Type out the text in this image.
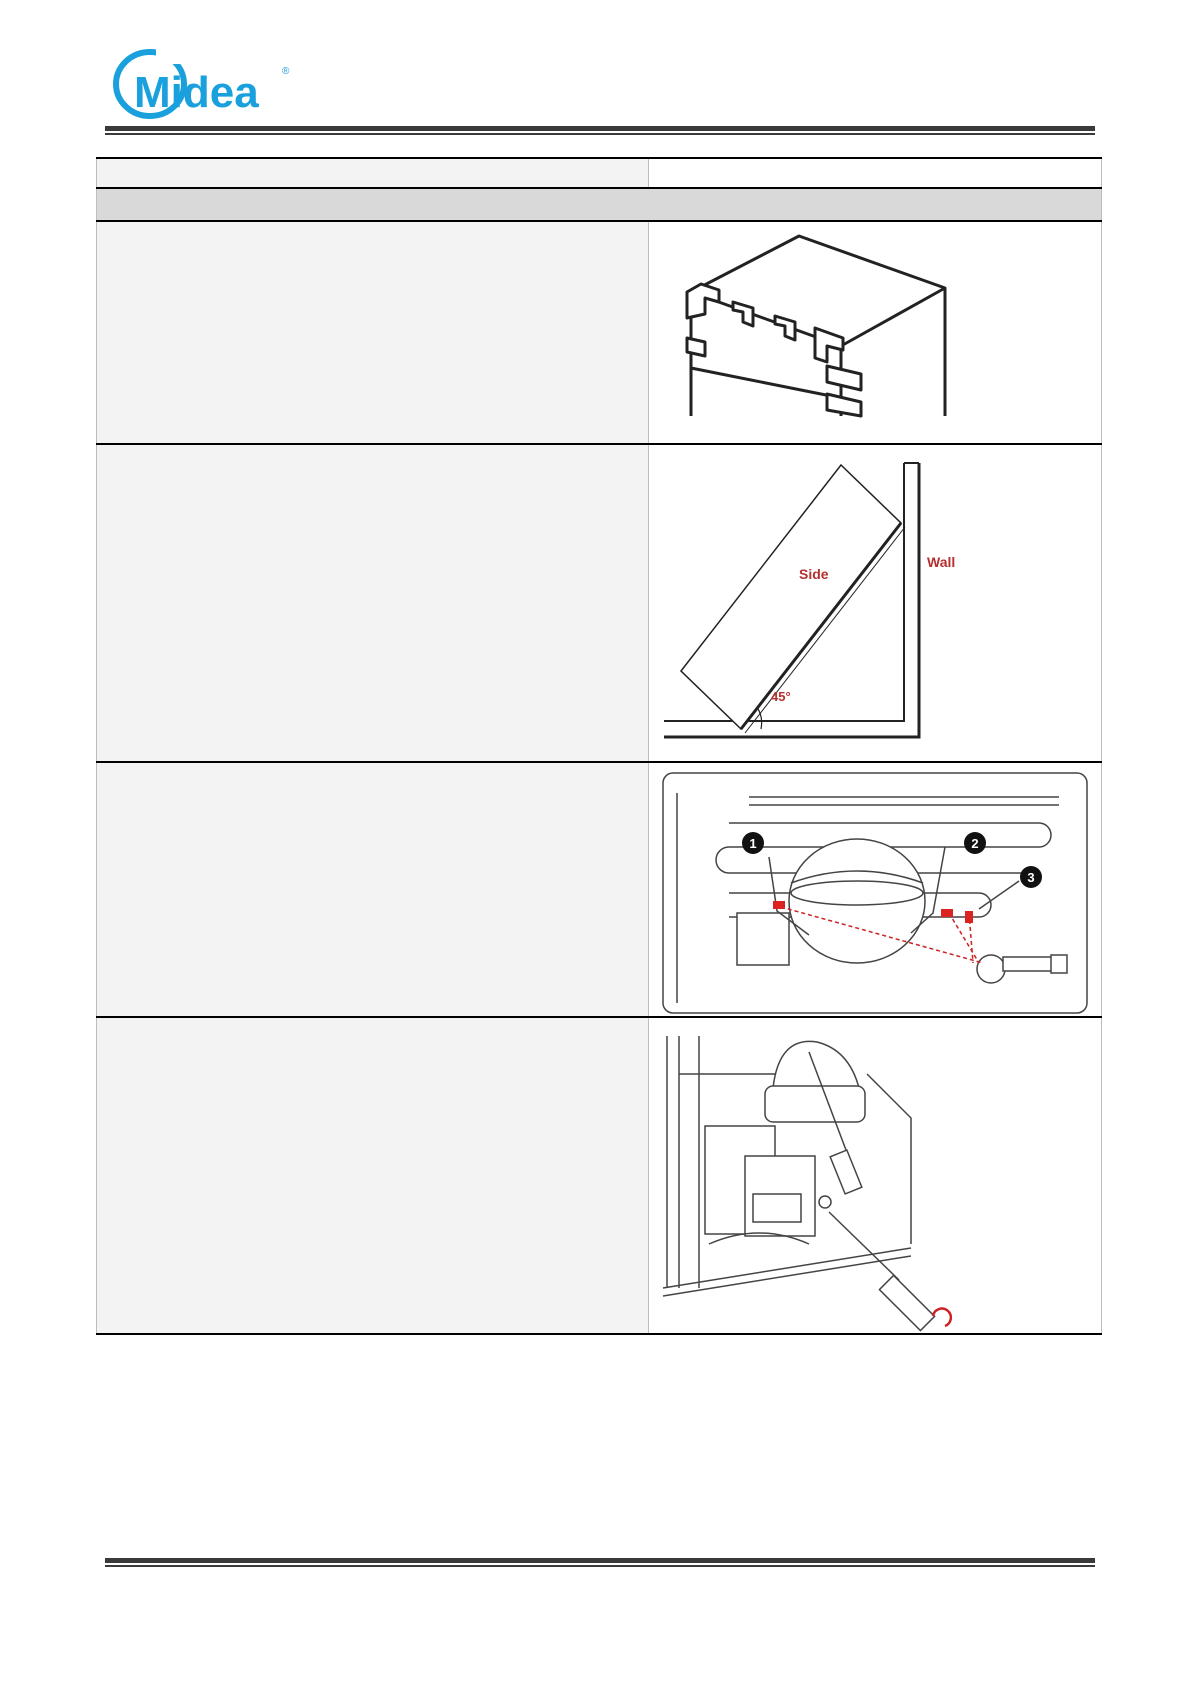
Midea ®
Side
Wall
45°
1	2
3
